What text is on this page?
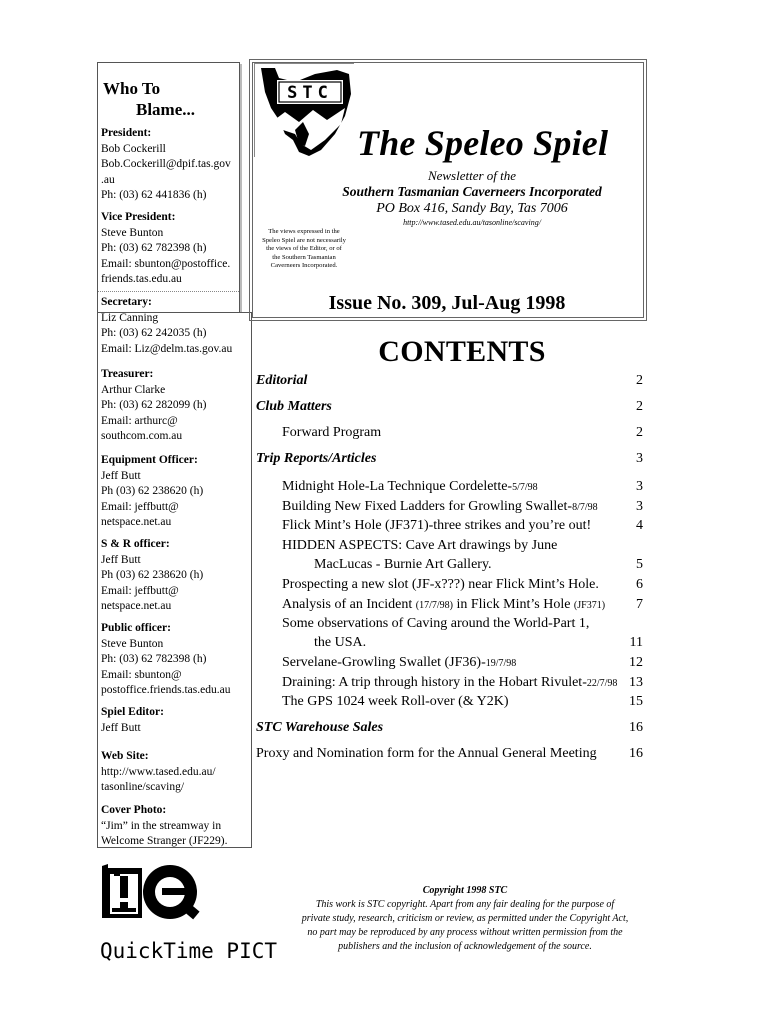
Who To
Blame...
President:
Bob Cockerill
Bob.Cockerill@dpif.tas.gov
.au
Ph: (03) 62 441836 (h)
Vice President:
Steve Bunton
Ph: (03) 62 782398 (h)
Email: sbunton@postoffice.
friends.tas.edu.au
Secretary:
Liz Canning
Ph: (03) 62 242035 (h)
Email: Liz@delm.tas.gov.au
Treasurer:
Arthur Clarke
Ph: (03) 62 282099 (h)
Email: arthurc@
southcom.com.au
Equipment Officer:
Jeff Butt
Ph (03) 62 238620 (h)
Email: jeffbutt@
netspace.net.au
S & R officer:
Jeff Butt
Ph (03) 62 238620 (h)
Email: jeffbutt@
netspace.net.au
Public officer:
Steve Bunton
Ph: (03) 62 782398 (h)
Email: sbunton@
postoffice.friends.tas.edu.au
Spiel Editor:
Jeff Butt
Web Site:
http://www.tased.edu.au/
tasonline/scaving/
Cover Photo:
“Jim” in the streamway in
Welcome Stranger (JF229).
STC
The Speleo Spiel
Newsletter of the
Southern Tasmanian Caverneers Incorporated
PO Box 416, Sandy Bay, Tas 7006
http://www.tased.edu.au/tasonline/scaving/
The views expressed in the Speleo Spiel are not necessarily the views of the Editor, or of the Southern Tasmanian Caverneers Incorporated.
Issue No. 309, Jul-Aug 1998
CONTENTS
Editorial	2
Club Matters	2
Forward Program	2
Trip Reports/Articles	3
Midnight Hole-La Technique Cordelette-5/7/98	3
Building New Fixed Ladders for Growling Swallet-8/7/98	3
Flick Mint’s Hole (JF371)-three strikes and you’re out!	4
HIDDEN ASPECTS: Cave Art drawings by June
MacLucas - Burnie Art Gallery.	5
Prospecting a new slot (JF-x???) near Flick Mint’s Hole.	6
Analysis of an Incident (17/7/98) in Flick Mint’s Hole (JF371) 7
Some observations of Caving around the World-Part 1,
the USA.	11
Servelane-Growling Swallet (JF36)-19/7/98	12
Draining: A trip through history in the Hobart Rivulet-22/7/98 13
The GPS 1024 week Roll-over (& Y2K)	15
STC Warehouse Sales	16
Proxy and Nomination form for the Annual General Meeting 16
QuickTime PICT
Copyright 1998 STC
This work is STC copyright. Apart from any fair dealing for the purpose of
private study, research, criticism or review, as permitted under the Copyright Act,
no part may be reproduced by any process without written permission from the
publishers and the inclusion of acknowledgement of the source.
